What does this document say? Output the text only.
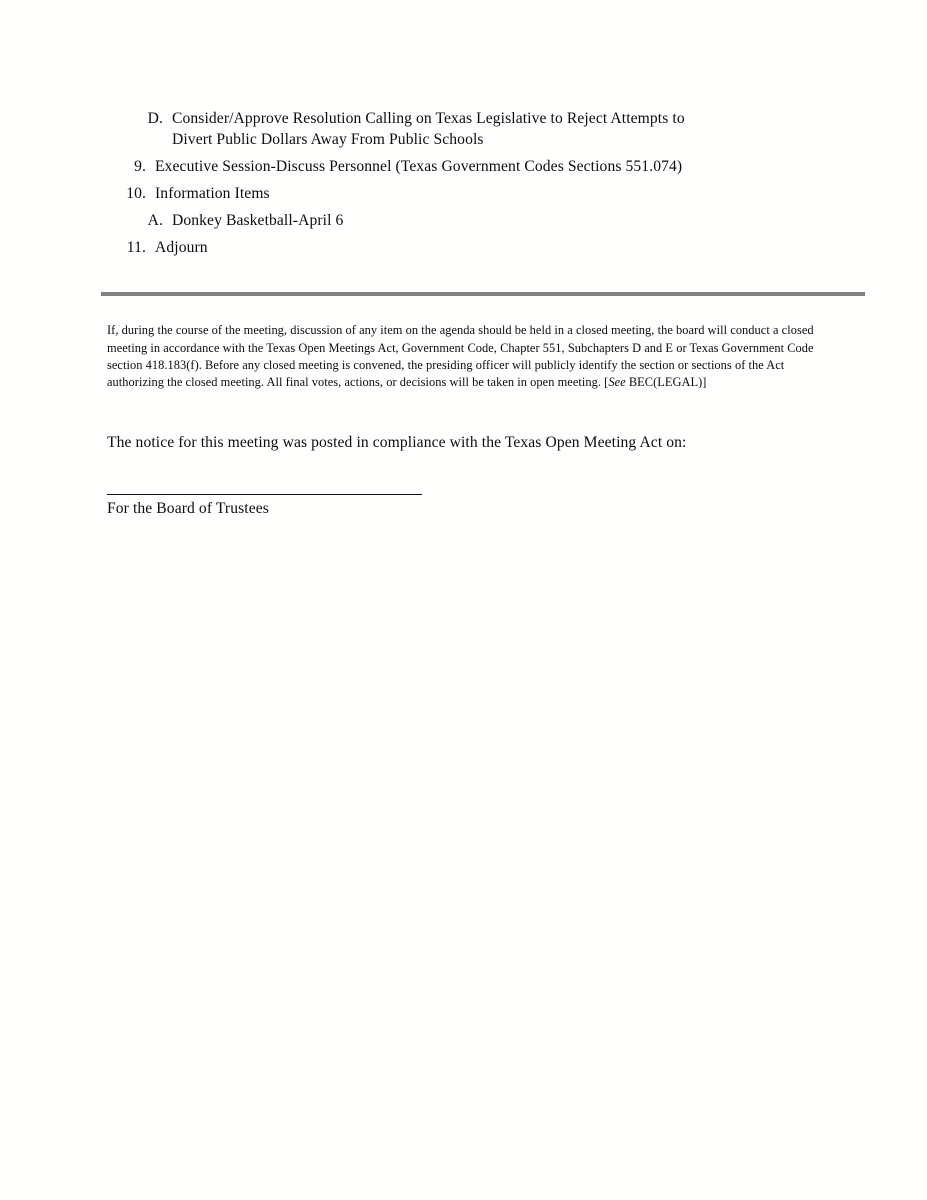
D. Consider/Approve Resolution Calling on Texas Legislative to Reject Attempts to
Divert Public Dollars Away From Public Schools
9. Executive Session-Discuss Personnel (Texas Government Codes Sections 551.074)
10. Information Items
A. Donkey Basketball-April 6
11. Adjourn

If, during the course of the meeting, discussion of any item on the agenda should be held in a closed meeting, the board will conduct a closed meeting in accordance with the Texas Open Meetings Act, Government Code, Chapter 551, Subchapters D and E or Texas Government Code section 418.183(f). Before any closed meeting is convened, the presiding officer will publicly identify the section or sections of the Act authorizing the closed meeting. All final votes, actions, or decisions will be taken in open meeting. [See BEC(LEGAL)]

The notice for this meeting was posted in compliance with the Texas Open Meeting Act on:

For the Board of Trustees
